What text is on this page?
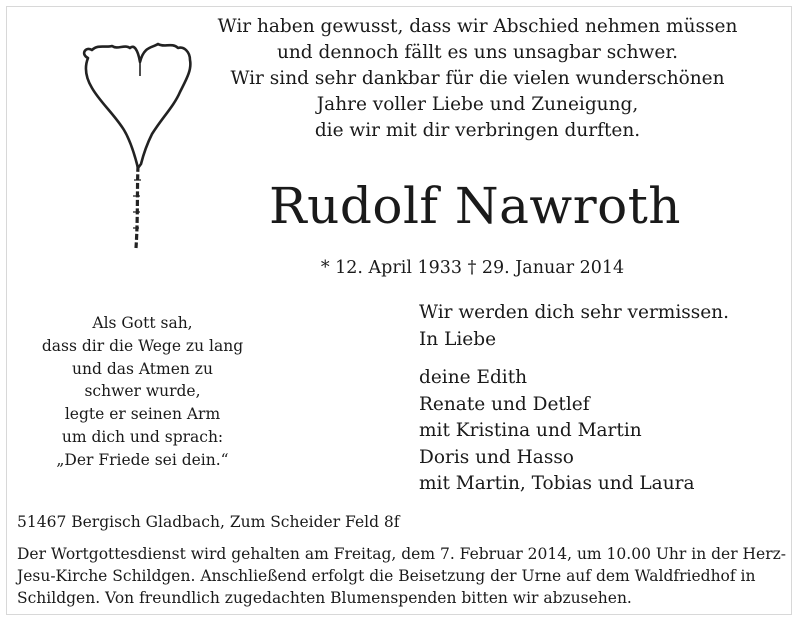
Wir haben gewusst, dass wir Abschied nehmen müssen
und dennoch fällt es uns unsagbar schwer.
Wir sind sehr dankbar für die vielen wunderschönen
Jahre voller Liebe und Zuneigung,
die wir mit dir verbringen durften.
Rudolf Nawroth
* 12. April 1933 † 29. Januar 2014
Als Gott sah,
dass dir die Wege zu lang
und das Atmen zu
schwer wurde,
legte er seinen Arm
um dich und sprach:
„Der Friede sei dein.“
Wir werden dich sehr vermissen.
In Liebe
deine Edith
Renate und Detlef
mit Kristina und Martin
Doris und Hasso
mit Martin, Tobias und Laura
51467 Bergisch Gladbach, Zum Scheider Feld 8f
Der Wortgottesdienst wird gehalten am Freitag, dem 7. Februar 2014, um 10.00 Uhr in der Herz-
Jesu-Kirche Schildgen. Anschließend erfolgt die Beisetzung der Urne auf dem Waldfriedhof in
Schildgen. Von freundlich zugedachten Blumenspenden bitten wir abzusehen.
